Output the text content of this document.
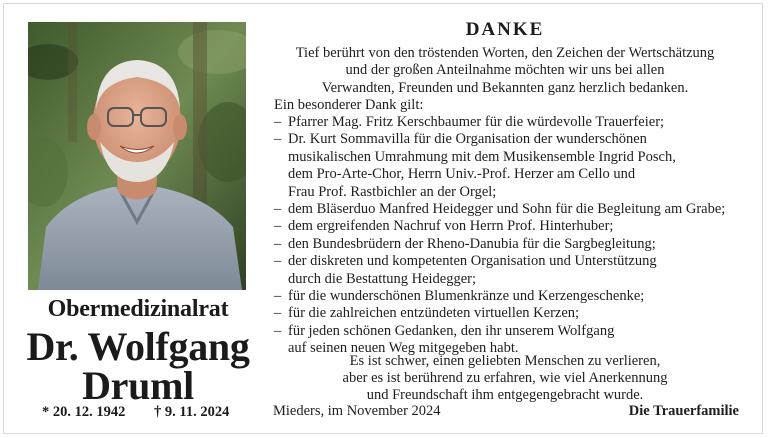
Obermedizinalrat
Dr. Wolfgang
Druml
* 20. 12. 1942 † 9. 11. 2024
DANKE
Tief berührt von den tröstenden Worten, den Zeichen der Wertschätzung
und der großen Anteilnahme möchten wir uns bei allen
Verwandten, Freunden und Bekannten ganz herzlich bedanken.
Ein besonderer Dank gilt:
– Pfarrer Mag. Fritz Kerschbaumer für die würdevolle Trauerfeier;
– Dr. Kurt Sommavilla für die Organisation der wunderschönen
musikalischen Umrahmung mit dem Musikensemble Ingrid Posch,
dem Pro-Arte-Chor, Herrn Univ.-Prof. Herzer am Cello und
Frau Prof. Rastbichler an der Orgel;
– dem Bläserduo Manfred Heidegger und Sohn für die Begleitung am Grabe;
– dem ergreifenden Nachruf von Herrn Prof. Hinterhuber;
– den Bundesbrüdern der Rheno-Danubia für die Sargbegleitung;
– der diskreten und kompetenten Organisation und Unterstützung
durch die Bestattung Heidegger;
– für die wunderschönen Blumenkränze und Kerzengeschenke;
– für die zahlreichen entzündeten virtuellen Kerzen;
– für jeden schönen Gedanken, den ihr unserem Wolfgang
auf seinen neuen Weg mitgegeben habt.
Es ist schwer, einen geliebten Menschen zu verlieren,
aber es ist berührend zu erfahren, wie viel Anerkennung
und Freundschaft ihm entgegengebracht wurde.
Mieders, im November 2024	Die Trauerfamilie
